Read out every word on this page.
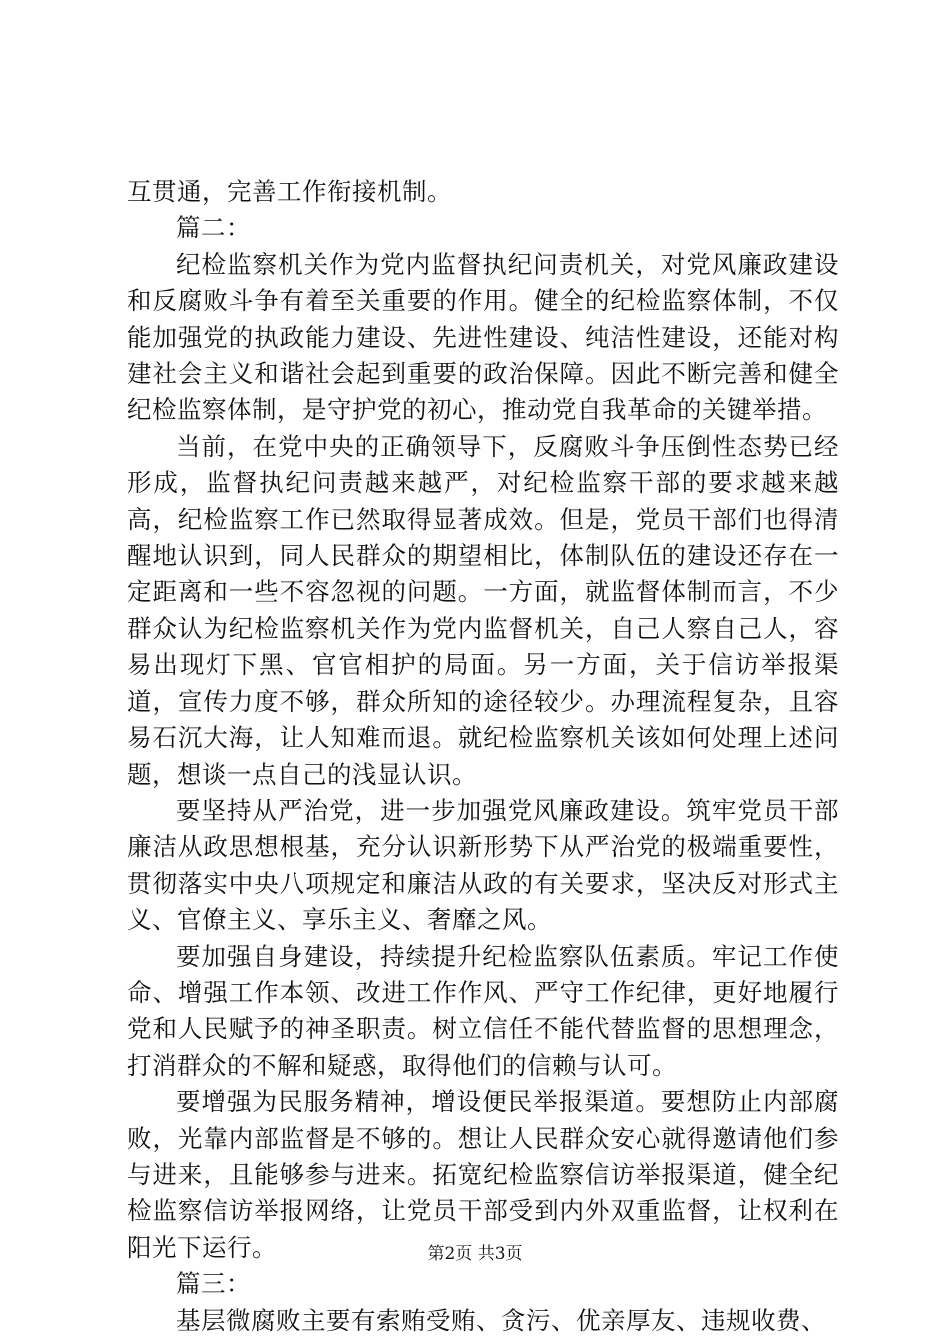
互贯通，完善工作衔接机制。

篇二：

纪检监察机关作为党内监督执纪问责机关，对党风廉政建设和反腐败斗争有着至关重要的作用。健全的纪检监察体制，不仅能加强党的执政能力建设、先进性建设、纯洁性建设，还能对构建社会主义和谐社会起到重要的政治保障。因此不断完善和健全纪检监察体制，是守护党的初心，推动党自我革命的关键举措。

当前，在党中央的正确领导下，反腐败斗争压倒性态势已经形成，监督执纪问责越来越严，对纪检监察干部的要求越来越高，纪检监察工作已然取得显著成效。但是，党员干部们也得清醒地认识到，同人民群众的期望相比，体制队伍的建设还存在一定距离和一些不容忽视的问题。一方面，就监督体制而言，不少群众认为纪检监察机关作为党内监督机关，自己人察自己人，容易出现灯下黑、官官相护的局面。另一方面，关于信访举报渠道，宣传力度不够，群众所知的途径较少。办理流程复杂，且容易石沉大海，让人知难而退。就纪检监察机关该如何处理上述问题，想谈一点自己的浅显认识。

要坚持从严治党，进一步加强党风廉政建设。筑牢党员干部廉洁从政思想根基，充分认识新形势下从严治党的极端重要性，贯彻落实中央八项规定和廉洁从政的有关要求，坚决反对形式主义、官僚主义、享乐主义、奢靡之风。

要加强自身建设，持续提升纪检监察队伍素质。牢记工作使命、增强工作本领、改进工作作风、严守工作纪律，更好地履行党和人民赋予的神圣职责。树立信任不能代替监督的思想理念，打消群众的不解和疑惑，取得他们的信赖与认可。

要增强为民服务精神，增设便民举报渠道。要想防止内部腐败，光靠内部监督是不够的。想让人民群众安心就得邀请他们参与进来，且能够参与进来。拓宽纪检监察信访举报渠道，健全纪检监察信访举报网络，让党员干部受到内外双重监督，让权利在阳光下运行。

篇三：

基层微腐败主要有索贿受贿、贪污、优亲厚友、违规收费、

第2页 共3页
